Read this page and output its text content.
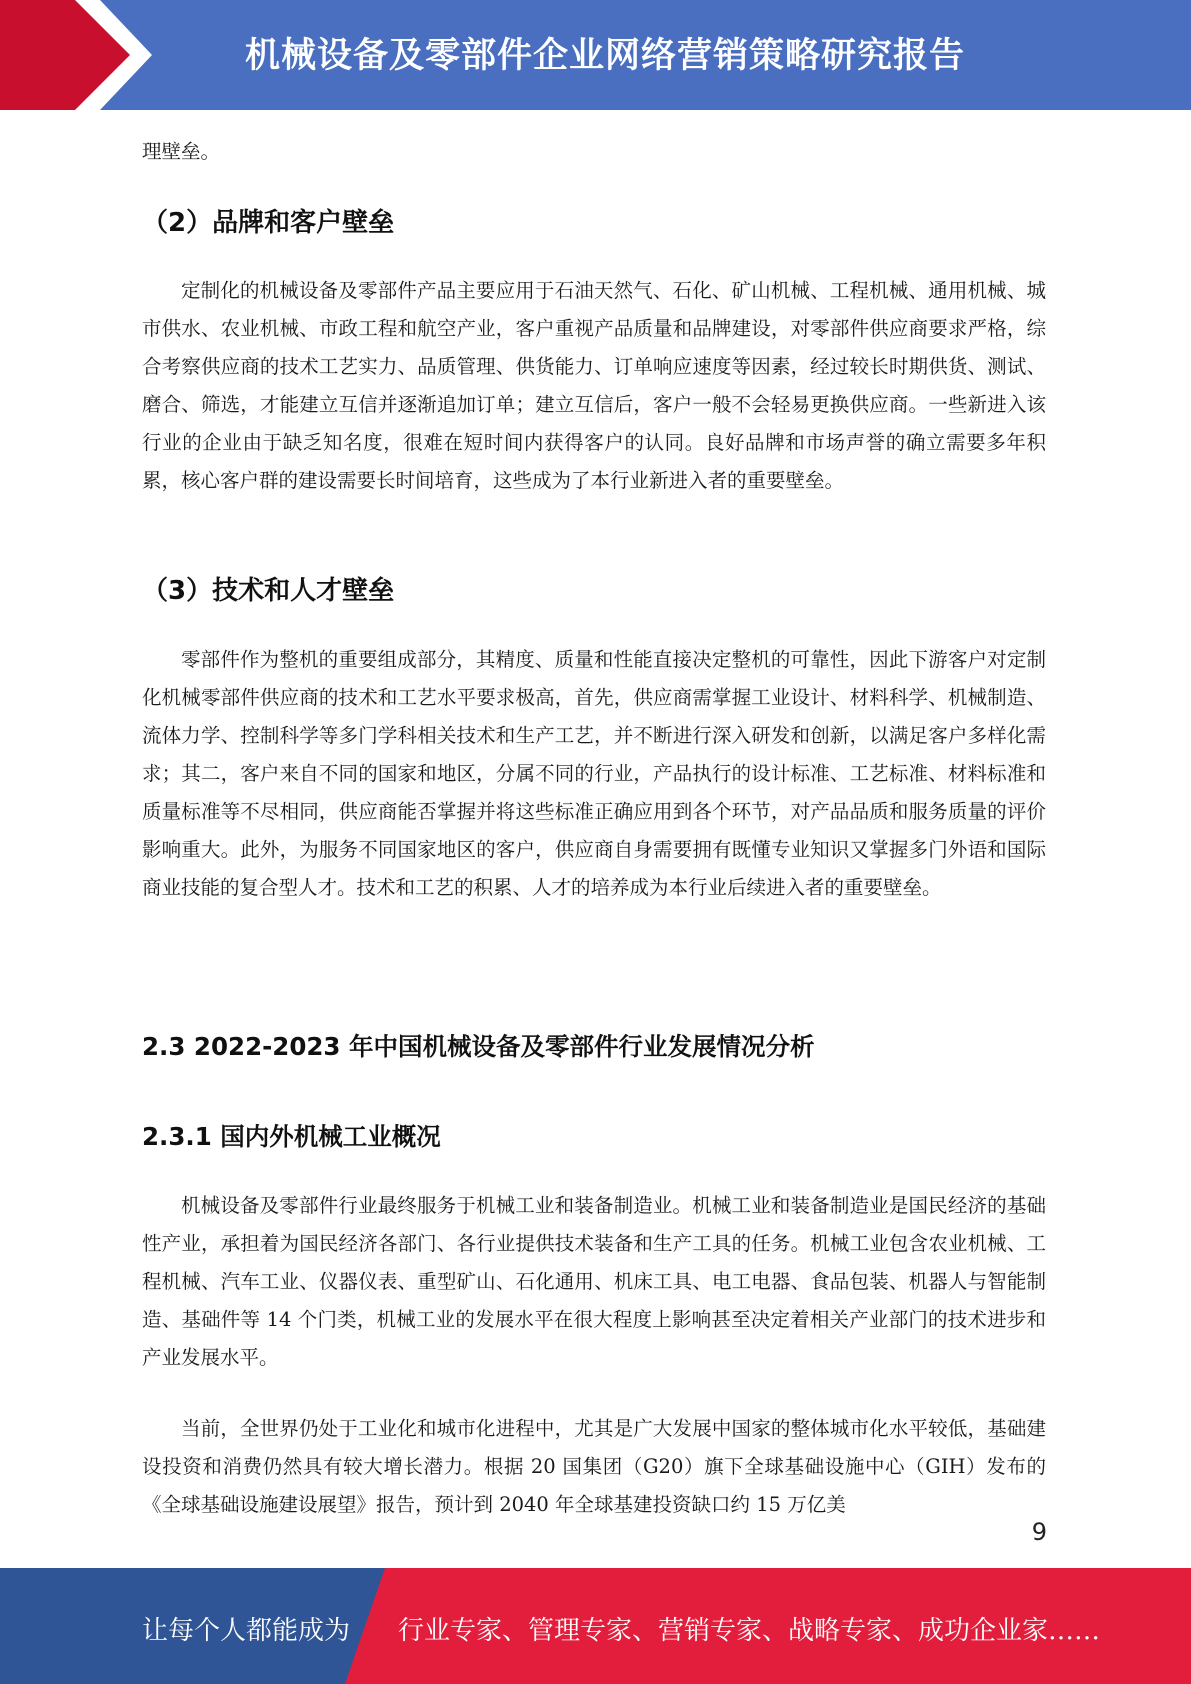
机械设备及零部件企业网络营销策略研究报告

理壁垒。

（2）品牌和客户壁垒

定制化的机械设备及零部件产品主要应用于石油天然气、石化、矿山机械、工程机械、通用机械、城市供水、农业机械、市政工程和航空产业，客户重视产品质量和品牌建设，对零部件供应商要求严格，综合考察供应商的技术工艺实力、品质管理、供货能力、订单响应速度等因素，经过较长时期供货、测试、磨合、筛选，才能建立互信并逐渐追加订单；建立互信后，客户一般不会轻易更换供应商。一些新进入该行业的企业由于缺乏知名度，很难在短时间内获得客户的认同。良好品牌和市场声誉的确立需要多年积累，核心客户群的建设需要长时间培育，这些成为了本行业新进入者的重要壁垒。

（3）技术和人才壁垒

零部件作为整机的重要组成部分，其精度、质量和性能直接决定整机的可靠性，因此下游客户对定制化机械零部件供应商的技术和工艺水平要求极高，首先，供应商需掌握工业设计、材料科学、机械制造、流体力学、控制科学等多门学科相关技术和生产工艺，并不断进行深入研发和创新，以满足客户多样化需求；其二，客户来自不同的国家和地区，分属不同的行业，产品执行的设计标准、工艺标准、材料标准和质量标准等不尽相同，供应商能否掌握并将这些标准正确应用到各个环节，对产品品质和服务质量的评价影响重大。此外，为服务不同国家地区的客户，供应商自身需要拥有既懂专业知识又掌握多门外语和国际商业技能的复合型人才。技术和工艺的积累、人才的培养成为本行业后续进入者的重要壁垒。

2.3 2022-2023 年中国机械设备及零部件行业发展情况分析
2.3.1 国内外机械工业概况

机械设备及零部件行业最终服务于机械工业和装备制造业。机械工业和装备制造业是国民经济的基础性产业，承担着为国民经济各部门、各行业提供技术装备和生产工具的任务。机械工业包含农业机械、工程机械、汽车工业、仪器仪表、重型矿山、石化通用、机床工具、电工电器、食品包装、机器人与智能制造、基础件等 14 个门类，机械工业的发展水平在很大程度上影响甚至决定着相关产业部门的技术进步和产业发展水平。

当前，全世界仍处于工业化和城市化进程中，尤其是广大发展中国家的整体城市化水平较低，基础建设投资和消费仍然具有较大增长潜力。根据 20 国集团（G20）旗下全球基础设施中心（GIH）发布的《全球基础设施建设展望》报告，预计到 2040 年全球基建投资缺口约 15 万亿美

9
让每个人都能成为 行业专家、管理专家、营销专家、战略专家、成功企业家……
